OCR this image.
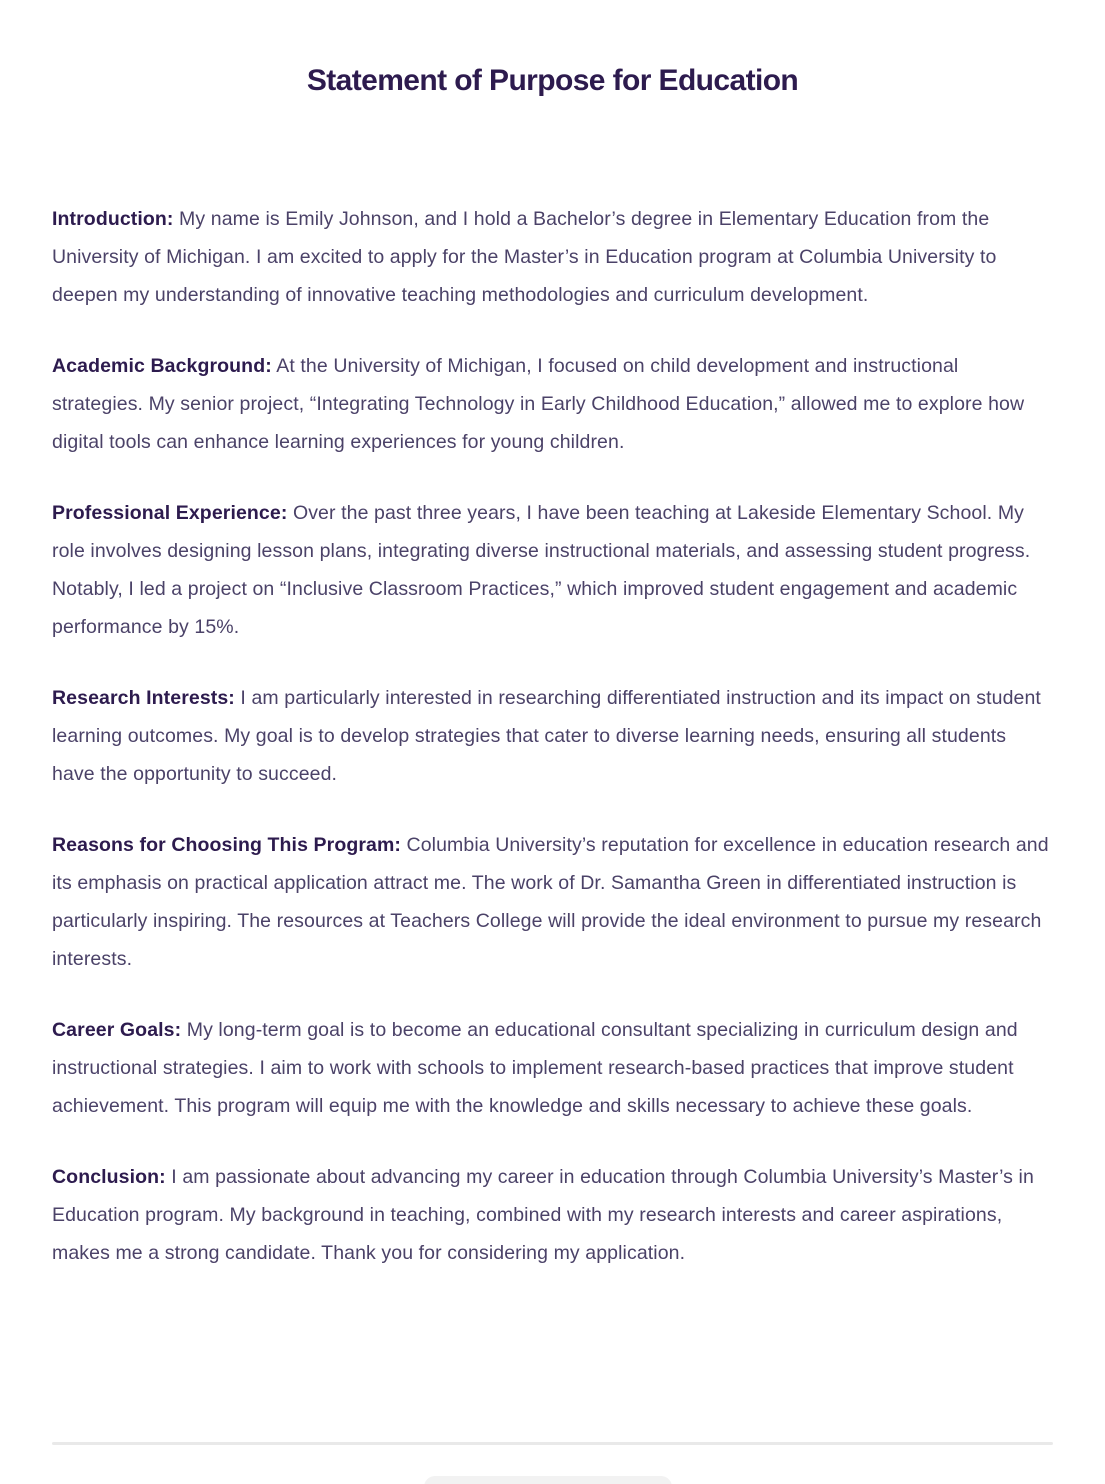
Statement of Purpose for Education

Introduction: My name is Emily Johnson, and I hold a Bachelor’s degree in Elementary Education from the University of Michigan. I am excited to apply for the Master’s in Education program at Columbia University to deepen my understanding of innovative teaching methodologies and curriculum development.

Academic Background: At the University of Michigan, I focused on child development and instructional strategies. My senior project, “Integrating Technology in Early Childhood Education,” allowed me to explore how digital tools can enhance learning experiences for young children.

Professional Experience: Over the past three years, I have been teaching at Lakeside Elementary School. My role involves designing lesson plans, integrating diverse instructional materials, and assessing student progress. Notably, I led a project on “Inclusive Classroom Practices,” which improved student engagement and academic performance by 15%.

Research Interests: I am particularly interested in researching differentiated instruction and its impact on student learning outcomes. My goal is to develop strategies that cater to diverse learning needs, ensuring all students have the opportunity to succeed.

Reasons for Choosing This Program: Columbia University’s reputation for excellence in education research and its emphasis on practical application attract me. The work of Dr. Samantha Green in differentiated instruction is particularly inspiring. The resources at Teachers College will provide the ideal environment to pursue my research interests.

Career Goals: My long-term goal is to become an educational consultant specializing in curriculum design and instructional strategies. I aim to work with schools to implement research-based practices that improve student achievement. This program will equip me with the knowledge and skills necessary to achieve these goals.

Conclusion: I am passionate about advancing my career in education through Columbia University’s Master’s in Education program. My background in teaching, combined with my research interests and career aspirations, makes me a strong candidate. Thank you for considering my application.
